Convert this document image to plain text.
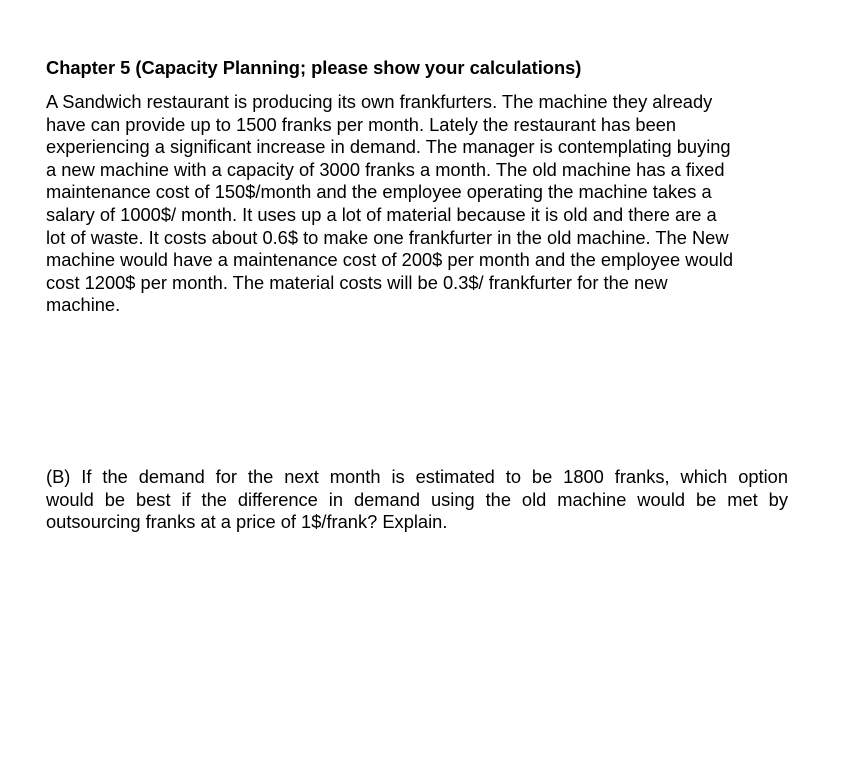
Chapter 5 (Capacity Planning; please show your calculations)
A Sandwich restaurant is producing its own frankfurters. The machine they already
have can provide up to 1500 franks per month. Lately the restaurant has been
experiencing a significant increase in demand. The manager is contemplating buying
a new machine with a capacity of 3000 franks a month. The old machine has a fixed
maintenance cost of 150$/month and the employee operating the machine takes a
salary of 1000$/ month. It uses up a lot of material because it is old and there are a
lot of waste. It costs about 0.6$ to make one frankfurter in the old machine. The New
machine would have a maintenance cost of 200$ per month and the employee would
cost 1200$ per month. The material costs will be 0.3$/ frankfurter for the new
machine.
(B) If the demand for the next month is estimated to be 1800 franks, which option
would be best if the difference in demand using the old machine would be met by
outsourcing franks at a price of 1$/frank? Explain.
